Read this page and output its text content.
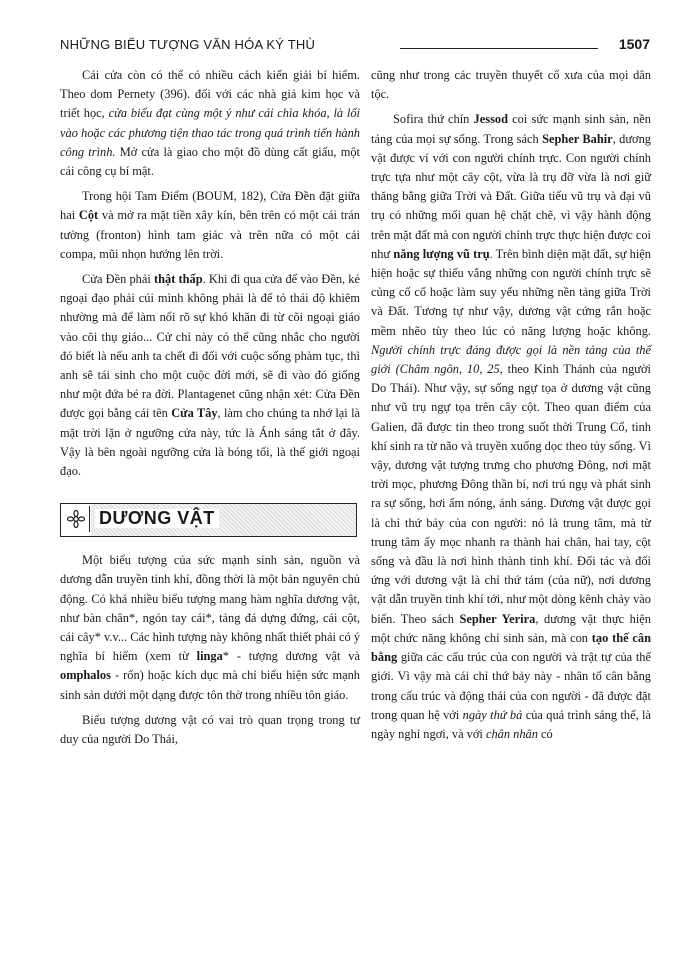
NHỮNG BIỂU TƯỢNG VĂN HÓA KÝ THÙ	1507

Cái cửa còn có thể có nhiều cách kiến giải bí hiểm. Theo dom Pernety (396). đối với các nhà giả kim học và triết học, cửa biểu đạt cùng một ý như cái chìa khóa, là lối vào hoặc các phương tiện thao tác trong quá trình tiến hành công trình. Mở cửa là giao cho một đồ dùng cất giấu, một cái công cụ bí mật.

Trong hội Tam Điểm (BOUM, 182), Cửa Đền đặt giữa hai Cột và mở ra mặt tiền xây kín, bên trên có một cái trán tường (fronton) hình tam giác và trên nữa có một cái compa, mũi nhọn hướng lên trời.

Cửa Đền phải thật thấp. Khi đi qua cửa để vào Đền, kẻ ngoại đạo phải cúi mình không phải là để tỏ thái độ khiêm nhường mà để làm nổi rõ sự khó khăn đi từ cõi ngoại giáo vào cõi thụ giáo... Cử chỉ này có thể cũng nhắc cho người đó biết là nếu anh ta chết đi đối với cuộc sống phàm tục, thì anh sẽ tái sinh cho một cuộc đời mới, sẽ đi vào đó giống như một đứa bé ra đời. Plantagenet cũng nhận xét: Cửa Đền được gọi bằng cái tên Cửa Tây, làm cho chúng ta nhớ lại là mặt trời lặn ở ngưỡng cửa này, tức là Ánh sáng tắt ở đây. Vậy là bên ngoài ngưỡng cửa là bóng tối, là thế giới ngoại đạo.

DƯƠNG VẬT

Một biểu tượng của sức mạnh sinh sản, nguồn và dương dẫn truyền tinh khí, đồng thời là một bản nguyên chủ động. Có khá nhiều biểu tượng mang hàm nghĩa dương vật, như bàn chân*, ngón tay cái*, tảng đá dựng đứng, cái cột, cái cây* v.v... Các hình tượng này không nhất thiết phải có ý nghĩa bí hiểm (xem từ linga* - tượng dương vật và omphalos - rốn) hoặc kích dục mà chỉ biểu hiện sức mạnh sinh sản dưới một dạng được tôn thờ trong nhiều tôn giáo.

Biểu tượng dương vật có vai trò quan trọng trong tư duy của người Do Thái,

cũng như trong các truyền thuyết cổ xưa của mọi dân tộc.

Sofira thứ chín Jessod coi sức mạnh sinh sản, nền tảng của mọi sự sống. Trong sách Sepher Bahir, dương vật được ví với con người chính trực. Con người chính trực tựa như một cây cột, vừa là trụ đỡ vừa là nơi giữ thăng bằng giữa Trời và Đất. Giữa tiểu vũ trụ và đại vũ trụ có những mối quan hệ chặt chẽ, vì vậy hành động trên mặt đất mà con người chính trực thực hiện được coi như năng lượng vũ trụ. Trên bình diện mặt đất, sự hiện hiện hoặc sự thiếu vắng những con người chính trực sẽ củng cố cố hoặc làm suy yếu những nền tảng giữa Trời và Đất. Tương tự như vậy, dương vật cứng rắn hoặc mềm nhẽo tùy theo lúc có năng lượng hoặc không. Người chính trực đáng được gọi là nền tảng của thế giới (Châm ngôn, 10, 25, theo Kinh Thánh của người Do Thái). Như vậy, sự sống ngự tọa ở dương vật cũng như vũ trụ ngự tọa trên cây cột. Theo quan điểm của Galien, đã được tin theo trong suốt thời Trung Cổ, tinh khí sinh ra từ não và truyền xuống dọc theo tủy sống. Vì vậy, dương vật tượng trưng cho phương Đông, nơi mặt trời mọc, phương Đông thần bí, nơi trú ngụ và phát sinh ra sự sống, hơi ấm nóng, ánh sáng. Dương vật được gọi là chỉ thứ bảy của con người: nó là trung tâm, mà từ trung tâm ấy mọc nhanh ra thành hai chân, hai tay, cột sống và đầu là nơi hình thành tinh khí. Đối tác và đối ứng với dương vật là chỉ thứ tám (của nữ), nơi dương vật dẫn truyền tinh khí tới, như một dòng kênh chảy vào biển. Theo sách Sepher Yerira, dương vật thực hiện một chức năng không chỉ sinh sản, mà con tạo thế cân bằng giữa các cấu trúc của con người và trật tự của thế giới. Vì vậy mà cái chỉ thứ bảy này - nhân tố cân bằng trong cấu trúc và động thái của con người - đã được đặt trong quan hệ với ngày thứ bả của quá trình sáng thế, là ngày nghỉ ngơi, và với chân nhân có
